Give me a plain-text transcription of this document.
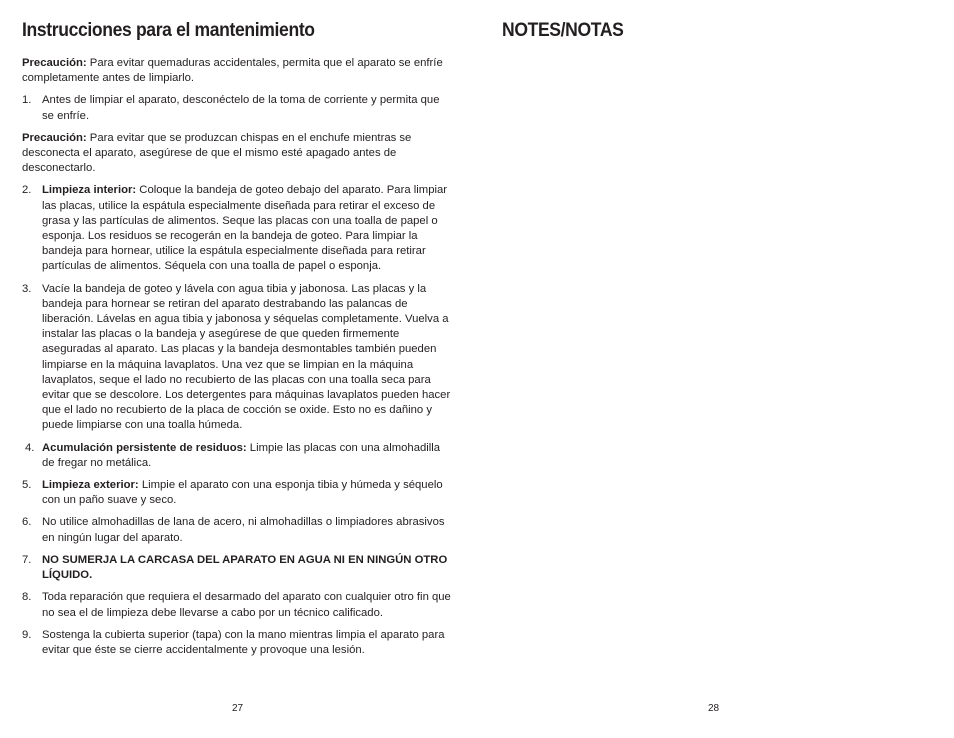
Instrucciones para el mantenimiento

Precaución: Para evitar quemaduras accidentales, permita que el aparato se enfríe completamente antes de limpiarlo.

1. Antes de limpiar el aparato, desconéctelo de la toma de corriente y permita que se enfríe.

Precaución: Para evitar que se produzcan chispas en el enchufe mientras se desconecta el aparato, asegúrese de que el mismo esté apagado antes de desconectarlo.

2. Limpieza interior: Coloque la bandeja de goteo debajo del aparato. Para limpiar las placas, utilice la espátula especialmente diseñada para retirar el exceso de grasa y las partículas de alimentos. Seque las placas con una toalla de papel o esponja. Los residuos se recogerán en la bandeja de goteo. Para limpiar la bandeja para hornear, utilice la espátula especialmente diseñada para retirar partículas de alimentos. Séquela con una toalla de papel o esponja.
3. Vacíe la bandeja de goteo y lávela con agua tibia y jabonosa. Las placas y la bandeja para hornear se retiran del aparato destrabando las palancas de liberación. Lávelas en agua tibia y jabonosa y séquelas completamente. Vuelva a instalar las placas o la bandeja y asegúrese de que queden firmemente aseguradas al aparato. Las placas y la bandeja desmontables también pueden limpiarse en la máquina lavaplatos. Una vez que se limpian en la máquina lavaplatos, seque el lado no recubierto de las placas con una toalla seca para evitar que se descolore. Los detergentes para máquinas lavaplatos pueden hacer que el lado no recubierto de la placa de cocción se oxide. Esto no es dañino y puede limpiarse con una toalla húmeda.
4. Acumulación persistente de residuos: Limpie las placas con una almohadilla de fregar no metálica.
5. Limpieza exterior: Limpie el aparato con una esponja tibia y húmeda y séquelo con un paño suave y seco.
6. No utilice almohadillas de lana de acero, ni almohadillas o limpiadores abrasivos en ningún lugar del aparato.
7. NO SUMERJA LA CARCASA DEL APARATO EN AGUA NI EN NINGÚN OTRO LÍQUIDO.
8. Toda reparación que requiera el desarmado del aparato con cualquier otro fin que no sea el de limpieza debe llevarse a cabo por un técnico calificado.
9. Sostenga la cubierta superior (tapa) con la mano mientras limpia el aparato para evitar que éste se cierre accidentalmente y provoque una lesión.
27
NOTES/NOTAS
28
